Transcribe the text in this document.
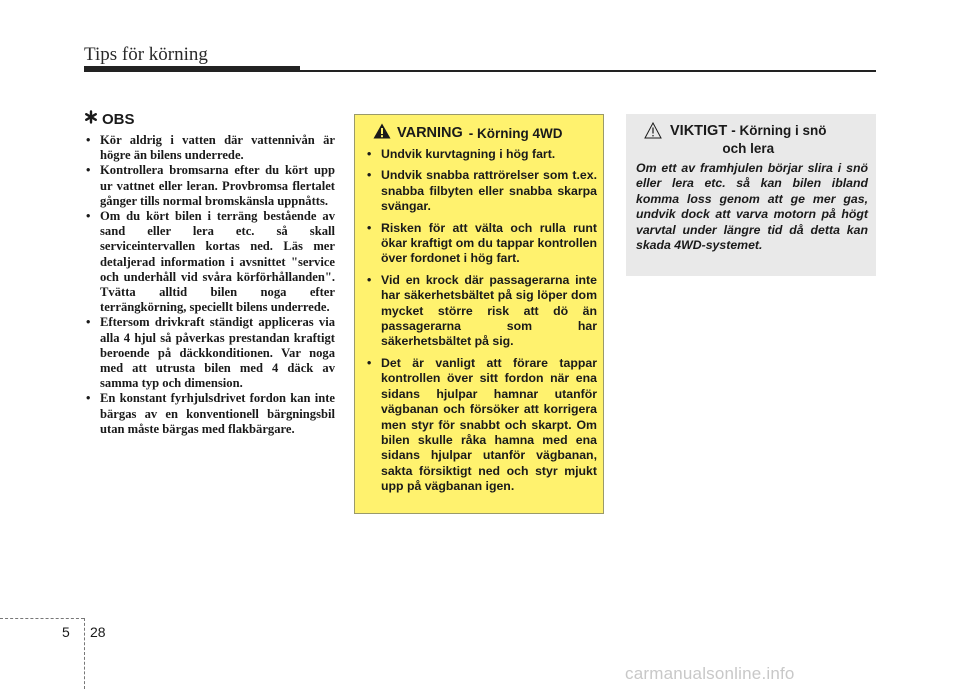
Tips för körning
OBS
• Kör aldrig i vatten där vattennivån är högre än bilens underrede.
• Kontrollera bromsarna efter du kört upp ur vattnet eller leran. Provbromsa flertalet gånger tills normal bromskänsla uppnåtts.
• Om du kört bilen i terräng bestående av sand eller lera etc. så skall serviceintervallen kortas ned. Läs mer detaljerad information i avsnittet "service och underhåll vid svåra körförhållanden". Tvätta alltid bilen noga efter terrängkörning, speciellt bilens underrede.
• Eftersom drivkraft ständigt appliceras via alla 4 hjul så påverkas prestandan kraftigt beroende på däckkonditionen. Var noga med att utrusta bilen med 4 däck av samma typ och dimension.
• En konstant fyrhjulsdrivet fordon kan inte bärgas av en konventionell bärgningsbil utan måste bärgas med flakbärgare.
VARNING - Körning 4WD
• Undvik kurvtagning i hög fart.
• Undvik snabba rattrörelser som t.ex. snabba filbyten eller snabba skarpa svängar.
• Risken för att välta och rulla runt ökar kraftigt om du tappar kontrollen över fordonet i hög fart.
• Vid en krock där passagerarna inte har säkerhetsbältet på sig löper dom mycket större risk att dö än passagerarna som har säkerhetsbältet på sig.
• Det är vanligt att förare tappar kontrollen över sitt fordon när ena sidans hjulpar hamnar utanför vägbanan och försöker att korrigera men styr för snabbt och skarpt. Om bilen skulle råka hamna med ena sidans hjulpar utanför vägbanan, sakta försiktigt ned och styr mjukt upp på vägbanan igen.
VIKTIGT - Körning i snö
och lera
Om ett av framhjulen börjar slira i snö eller lera etc. så kan bilen ibland komma loss genom att ge mer gas, undvik dock att varva motorn på högt varvtal under längre tid då detta kan skada 4WD-systemet.
5 28
carmanualsonline.info
